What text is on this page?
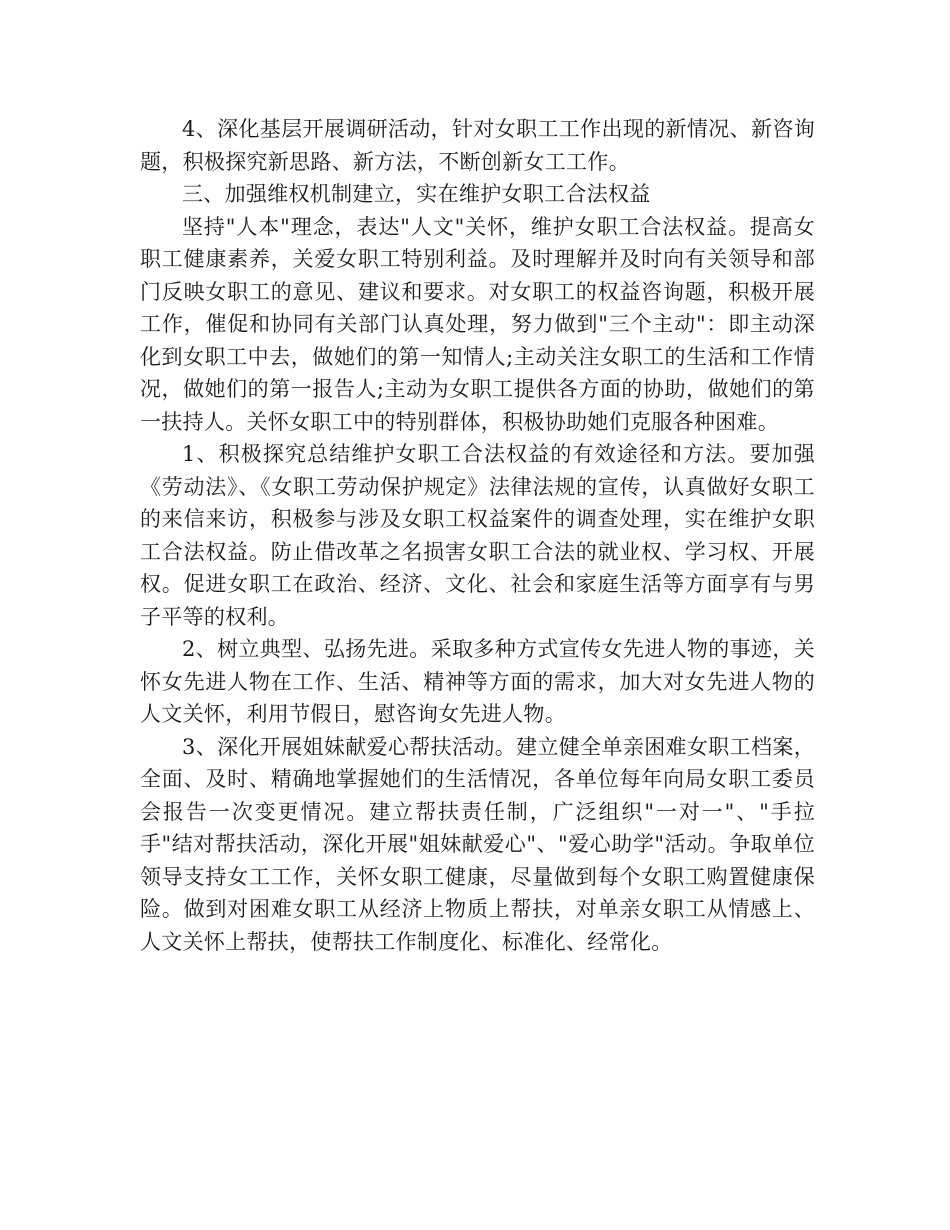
4、深化基层开展调研活动，针对女职工工作出现的新情况、新咨询题，积极探究新思路、新方法，不断创新女工工作。

三、加强维权机制建立，实在维护女职工合法权益

坚持"人本"理念，表达"人文"关怀，维护女职工合法权益。提高女职工健康素养，关爱女职工特别利益。及时理解并及时向有关领导和部门反映女职工的意见、建议和要求。对女职工的权益咨询题，积极开展工作，催促和协同有关部门认真处理，努力做到"三个主动"：即主动深化到女职工中去，做她们的第一知情人;主动关注女职工的生活和工作情况，做她们的第一报告人;主动为女职工提供各方面的协助，做她们的第一扶持人。关怀女职工中的特别群体，积极协助她们克服各种困难。

1、积极探究总结维护女职工合法权益的有效途径和方法。要加强《劳动法》、《女职工劳动保护规定》法律法规的宣传，认真做好女职工的来信来访，积极参与涉及女职工权益案件的调查处理，实在维护女职工合法权益。防止借改革之名损害女职工合法的就业权、学习权、开展权。促进女职工在政治、经济、文化、社会和家庭生活等方面享有与男子平等的权利。

2、树立典型、弘扬先进。采取多种方式宣传女先进人物的事迹，关怀女先进人物在工作、生活、精神等方面的需求，加大对女先进人物的人文关怀，利用节假日，慰咨询女先进人物。

3、深化开展姐妹献爱心帮扶活动。建立健全单亲困难女职工档案，全面、及时、精确地掌握她们的生活情况，各单位每年向局女职工委员会报告一次变更情况。建立帮扶责任制，广泛组织"一对一"、"手拉手"结对帮扶活动，深化开展"姐妹献爱心"、"爱心助学"活动。争取单位领导支持女工工作，关怀女职工健康，尽量做到每个女职工购置健康保险。做到对困难女职工从经济上物质上帮扶，对单亲女职工从情感上、人文关怀上帮扶，使帮扶工作制度化、标准化、经常化。
